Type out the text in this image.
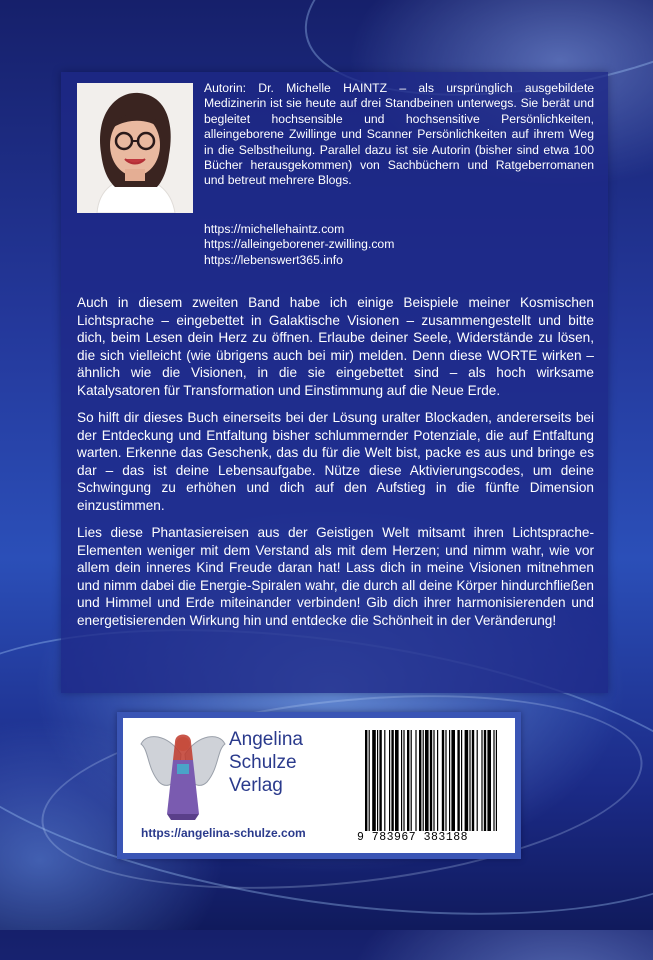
Autorin: Dr. Michelle HAINTZ – als ursprünglich ausgebildete Medizinerin ist sie heute auf drei Standbeinen unterwegs. Sie berät und begleitet hochsensible und hochsensitive Persönlichkeiten, alleingeborene Zwillinge und Scanner Persönlichkeiten auf ihrem Weg in die Selbstheilung. Parallel dazu ist sie Autorin (bisher sind etwa 100 Bücher herausgekommen) von Sachbüchern und Ratgeberromanen und betreut mehrere Blogs.
https://michellehaintz.com
https://alleingeborener-zwilling.com
https://lebenswert365.info

Auch in diesem zweiten Band habe ich einige Beispiele meiner Kosmischen Lichtsprache – eingebettet in Galaktische Visionen – zusammengestellt und bitte dich, beim Lesen dein Herz zu öffnen. Erlaube deiner Seele, Widerstände zu lösen, die sich vielleicht (wie übrigens auch bei mir) melden. Denn diese WORTE wirken – ähnlich wie die Visionen, in die sie eingebettet sind – als hoch wirksame Katalysatoren für Transformation und Einstimmung auf die Neue Erde.

So hilft dir dieses Buch einerseits bei der Lösung uralter Blockaden, andererseits bei der Entdeckung und Entfaltung bisher schlummernder Potenziale, die auf Entfaltung warten. Erkenne das Geschenk, das du für die Welt bist, packe es aus und bringe es dar – das ist deine Lebensaufgabe. Nütze diese Aktivierungscodes, um deine Schwingung zu erhöhen und dich auf den Aufstieg in die fünfte Dimension einzustimmen.

Lies diese Phantasiereisen aus der Geistigen Welt mitsamt ihren Lichtsprache-Elementen weniger mit dem Verstand als mit dem Herzen; und nimm wahr, wie vor allem dein inneres Kind Freude daran hat! Lass dich in meine Visionen mitnehmen und nimm dabei die Energie-Spiralen wahr, die durch all deine Körper hindurchfließen und Himmel und Erde miteinander verbinden! Gib dich ihrer harmonisierenden und energetisierenden Wirkung hin und entdecke die Schönheit in der Veränderung!

Angelina
Schulze
Verlag
https://angelina-schulze.com	9 783967 383188
